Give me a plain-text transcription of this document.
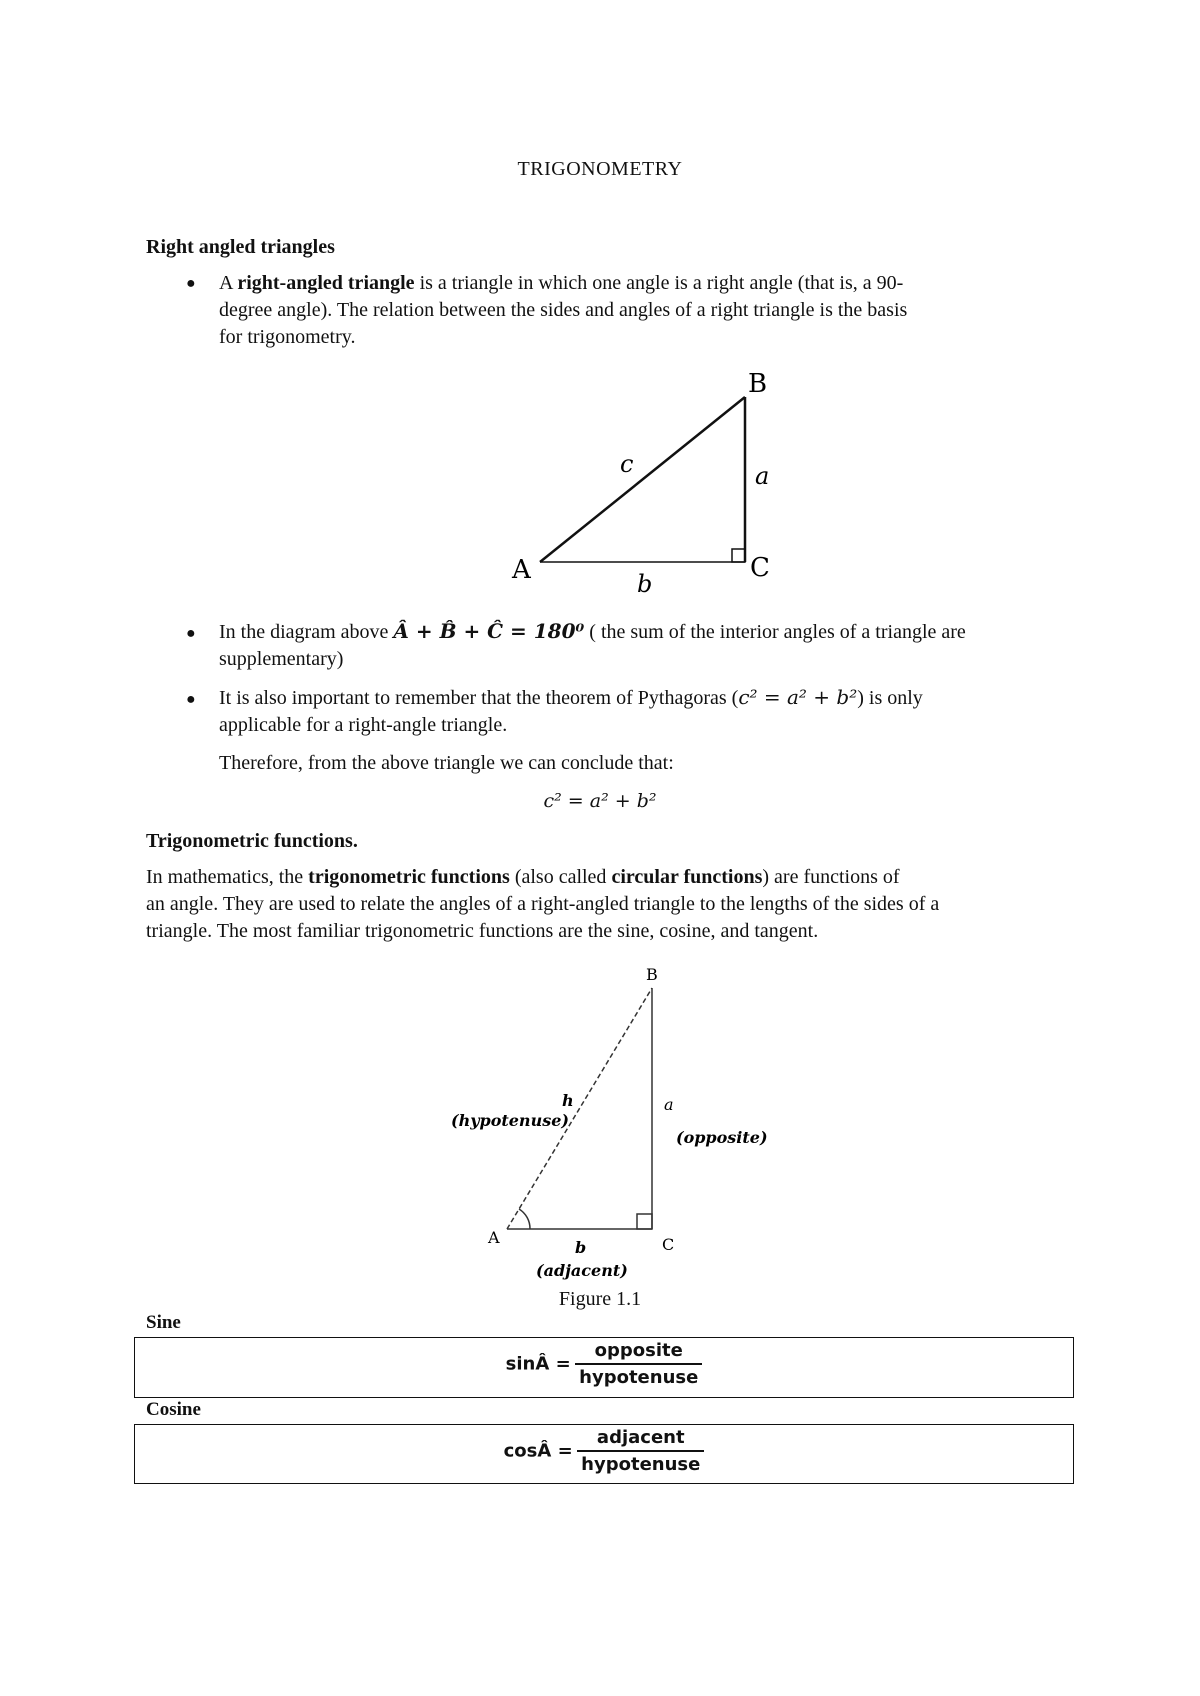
TRIGONOMETRY
Right angled triangles
● A right-angled triangle is a triangle in which one angle is a right angle (that is, a 90-
degree angle). The relation between the sides and angles of a right triangle is the basis
for trigonometry.
A
B
C
a
b
c
● In the diagram above Â + B̂ + Ĉ = 180⁰ ( the sum of the interior angles of a triangle are
supplementary)
● It is also important to remember that the theorem of Pythagoras (c² = a² + b²) is only
applicable for a right-angle triangle.
Therefore, from the above triangle we can conclude that:
c² = a² + b²
Trigonometric functions.
In mathematics, the trigonometric functions (also called circular functions) are functions of
an angle. They are used to relate the angles of a right-angled triangle to the lengths of the sides of a
triangle. The most familiar trigonometric functions are the sine, cosine, and tangent.
A
B
C
h
(hypotenuse)
a
(opposite)
b
(adjacent)
Figure 1.1
Sine
sinÂ = $\frac{\text{opposite}}{\text{hypotenuse}}$
Cosine
cosÂ = $\frac{\text{adjacent}}{\text{hypotenuse}}$
